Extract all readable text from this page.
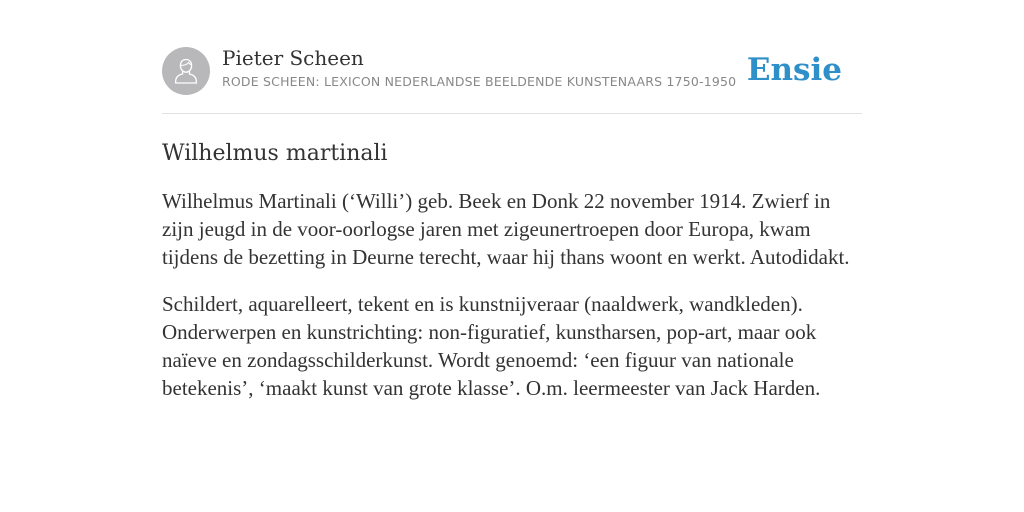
Pieter Scheen
RODE SCHEEN: LEXICON NEDERLANDSE BEELDENDE KUNSTENAARS 1750-1950 Ensie
Wilhelmus martinali

Wilhelmus Martinali (‘Willi’) geb. Beek en Donk 22 november 1914. Zwierf in zijn jeugd in de voor-oorlogse jaren met zigeunertroepen door Europa, kwam tijdens de bezetting in Deurne terecht, waar hij thans woont en werkt. Autodidakt.

Schildert, aquarelleert, tekent en is kunstnijveraar (naaldwerk, wandkleden). Onderwerpen en kunstrichting: non-figuratief, kunstharsen, pop-art, maar ook naïeve en zondagsschilderkunst. Wordt genoemd: ‘een figuur van nationale betekenis’, ‘maakt kunst van grote klasse’. O.m. leermeester van Jack Harden.
